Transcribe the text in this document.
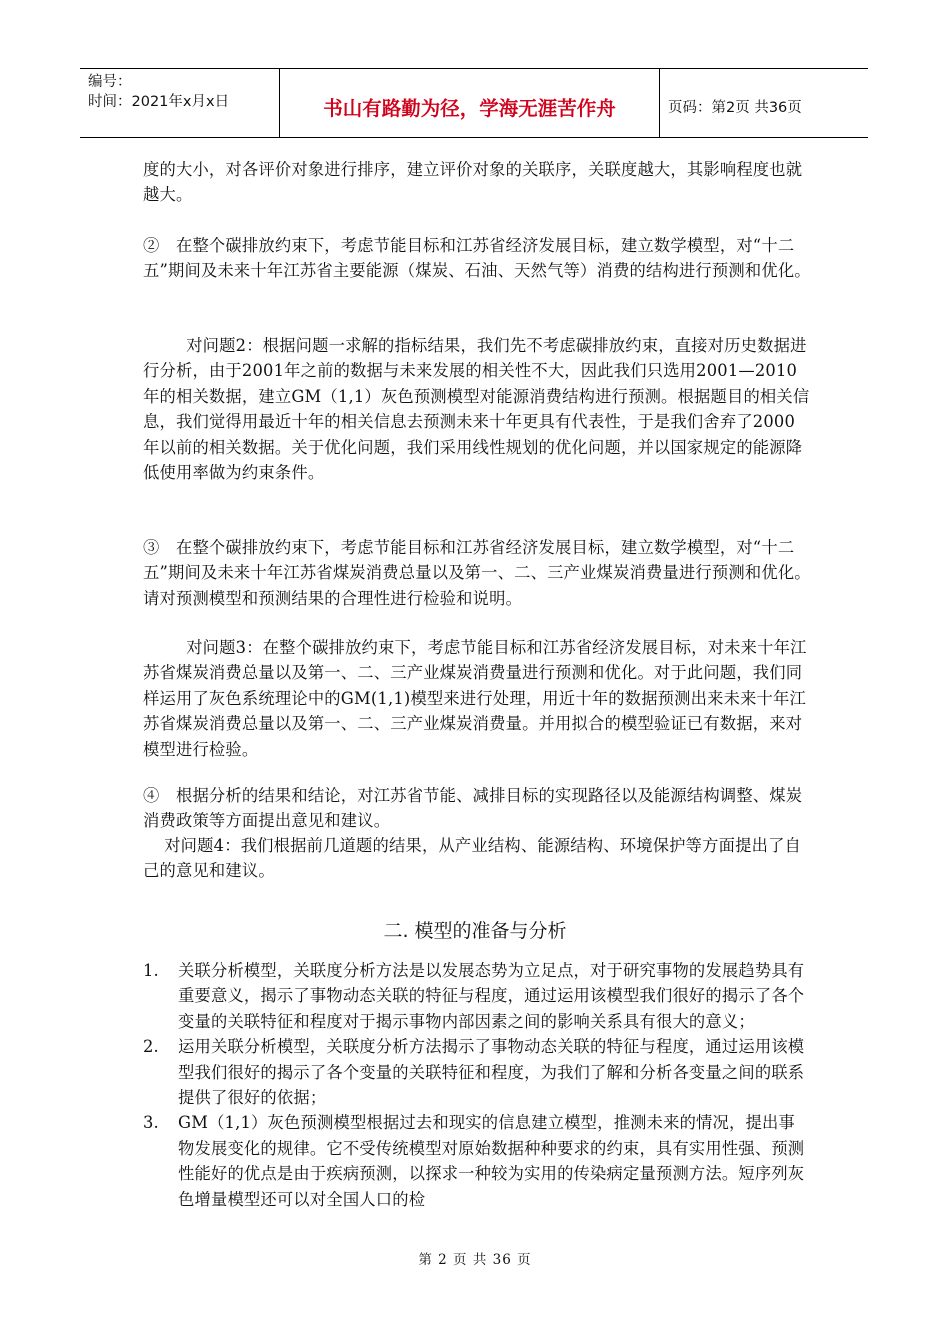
编号：
时间：2021年x月x日	书山有路勤为径，学海无涯苦作舟	页码：第2页 共36页

度的大小，对各评价对象进行排序，建立评价对象的关联序，关联度越大，其影响程度也就越大。

②　在整个碳排放约束下，考虑节能目标和江苏省经济发展目标，建立数学模型，对“十二五”期间及未来十年江苏省主要能源（煤炭、石油、天然气等）消费的结构进行预测和优化。

对问题2：根据问题一求解的指标结果，我们先不考虑碳排放约束，直接对历史数据进行分析，由于2001年之前的数据与未来发展的相关性不大，因此我们只选用2001—2010年的相关数据，建立GM（1,1）灰色预测模型对能源消费结构进行预测。根据题目的相关信息，我们觉得用最近十年的相关信息去预测未来十年更具有代表性，于是我们舍弃了2000年以前的相关数据。关于优化问题，我们采用线性规划的优化问题，并以国家规定的能源降低使用率做为约束条件。

③　在整个碳排放约束下，考虑节能目标和江苏省经济发展目标，建立数学模型，对“十二五”期间及未来十年江苏省煤炭消费总量以及第一、二、三产业煤炭消费量进行预测和优化。请对预测模型和预测结果的合理性进行检验和说明。

对问题3：在整个碳排放约束下，考虑节能目标和江苏省经济发展目标，对未来十年江苏省煤炭消费总量以及第一、二、三产业煤炭消费量进行预测和优化。对于此问题，我们同样运用了灰色系统理论中的GM(1,1)模型来进行处理，用近十年的数据预测出来未来十年江苏省煤炭消费总量以及第一、二、三产业煤炭消费量。并用拟合的模型验证已有数据，来对模型进行检验。

④　根据分析的结果和结论，对江苏省节能、减排目标的实现路径以及能源结构调整、煤炭消费政策等方面提出意见和建议。

对问题4：我们根据前几道题的结果，从产业结构、能源结构、环境保护等方面提出了自己的意见和建议。

二. 模型的准备与分析
1. 关联分析模型，关联度分析方法是以发展态势为立足点，对于研究事物的发展趋势具有重要意义，揭示了事物动态关联的特征与程度，通过运用该模型我们很好的揭示了各个变量的关联特征和程度对于揭示事物内部因素之间的影响关系具有很大的意义；
2. 运用关联分析模型，关联度分析方法揭示了事物动态关联的特征与程度，通过运用该模型我们很好的揭示了各个变量的关联特征和程度，为我们了解和分析各变量之间的联系提供了很好的依据；
3. GM（1,1）灰色预测模型根据过去和现实的信息建立模型，推测未来的情况，提出事物发展变化的规律。它不受传统模型对原始数据种种要求的约束，具有实用性强、预测性能好的优点是由于疾病预测，以探求一种较为实用的传染病定量预测方法。短序列灰色增量模型还可以对全国人口的检
第 2 页 共 36 页
